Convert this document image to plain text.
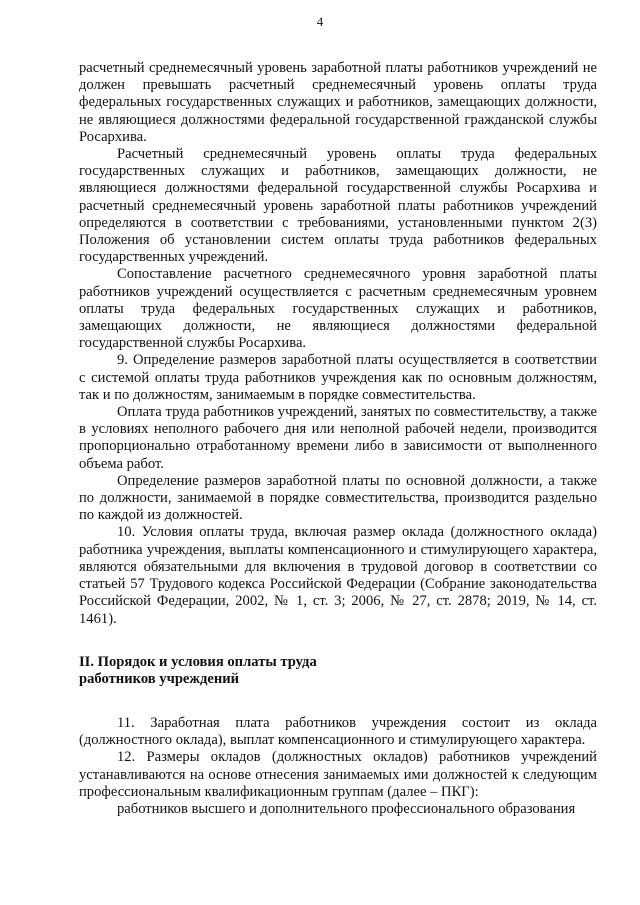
4

расчетный среднемесячный уровень заработной платы работников учреждений не должен превышать расчетный среднемесячный уровень оплаты труда федеральных государственных служащих и работников, замещающих должности, не являющиеся должностями федеральной государственной гражданской службы Росархива.

Расчетный среднемесячный уровень оплаты труда федеральных государственных служащих и работников, замещающих должности, не являющиеся должностями федеральной государственной службы Росархива и расчетный среднемесячный уровень заработной платы работников учреждений определяются в соответствии с требованиями, установленными пунктом 2(3) Положения об установлении систем оплаты труда работников федеральных государственных учреждений.

Сопоставление расчетного среднемесячного уровня заработной платы работников учреждений осуществляется с расчетным среднемесячным уровнем оплаты труда федеральных государственных служащих и работников, замещающих должности, не являющиеся должностями федеральной государственной службы Росархива.

9. Определение размеров заработной платы осуществляется в соответствии с системой оплаты труда работников учреждения как по основным должностям, так и по должностям, занимаемым в порядке совместительства.

Оплата труда работников учреждений, занятых по совместительству, а также в условиях неполного рабочего дня или неполной рабочей недели, производится пропорционально отработанному времени либо в зависимости от выполненного объема работ.

Определение размеров заработной платы по основной должности, а также по должности, занимаемой в порядке совместительства, производится раздельно по каждой из должностей.

10. Условия оплаты труда, включая размер оклада (должностного оклада) работника учреждения, выплаты компенсационного и стимулирующего характера, являются обязательными для включения в трудовой договор в соответствии со статьей 57 Трудового кодекса Российской Федерации (Собрание законодательства Российской Федерации, 2002, № 1, ст. 3; 2006, № 27, ст. 2878; 2019, № 14, ст. 1461).

II. Порядок и условия оплаты труда
работников учреждений

11. Заработная плата работников учреждения состоит из оклада (должностного оклада), выплат компенсационного и стимулирующего характера.

12. Размеры окладов (должностных окладов) работников учреждений устанавливаются на основе отнесения занимаемых ими должностей к следующим профессиональным квалификационным группам (далее – ПКГ):

работников высшего и дополнительного профессионального образования
